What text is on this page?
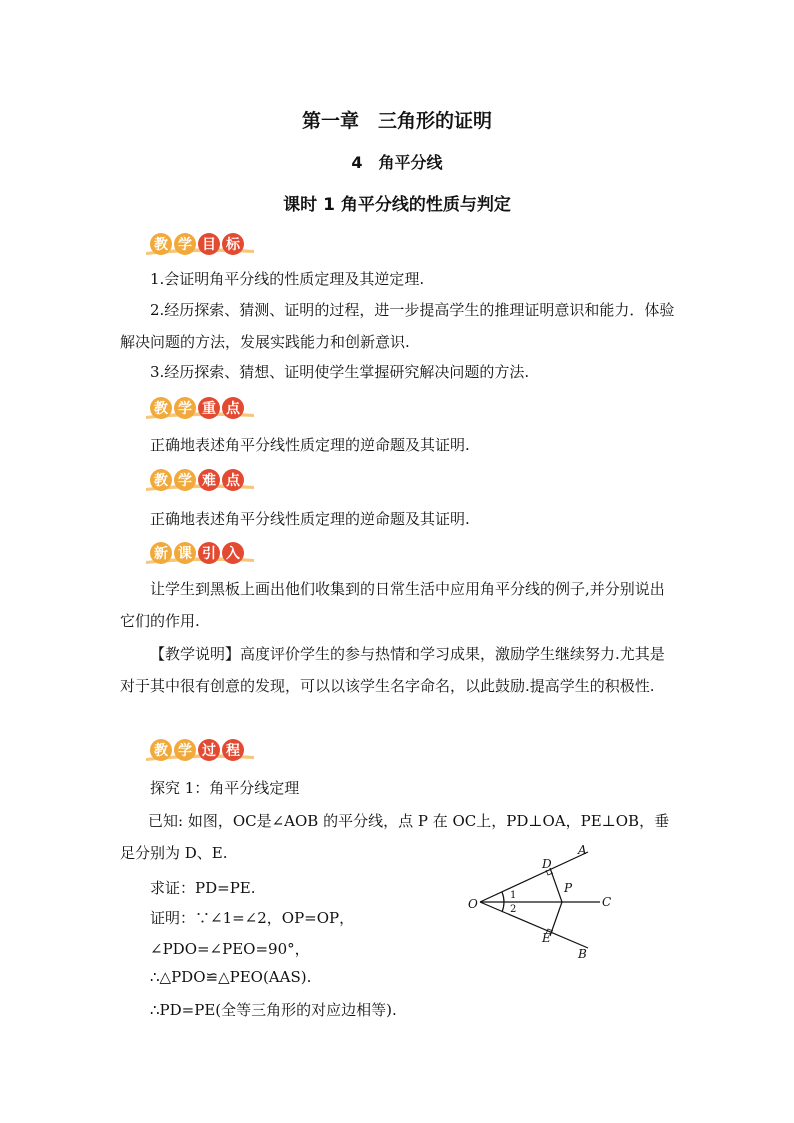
第一章　三角形的证明
4　角平分线
课时 1 角平分线的性质与判定
教 学 目 标
1.会证明角平分线的性质定理及其逆定理.
2.经历探索、猜测、证明的过程，进一步提高学生的推理证明意识和能力．体验解决问题的方法，发展实践能力和创新意识.
3.经历探索、猜想、证明使学生掌握研究解决问题的方法.
教 学 重 点
正确地表述角平分线性质定理的逆命题及其证明.
教 学 难 点
正确地表述角平分线性质定理的逆命题及其证明.
新 课 引 入
让学生到黑板上画出他们收集到的日常生活中应用角平分线的例子,并分别说出它们的作用.
【教学说明】高度评价学生的参与热情和学习成果，激励学生继续努力.尤其是对于其中很有创意的发现，可以以该学生名字命名，以此鼓励.提高学生的积极性.
教 学 过 程
探究 1：角平分线定理
已知: 如图，OC是∠AOB 的平分线，点 P 在 OC上，PD⊥OA，PE⊥OB，垂足分别为 D、E.
求证：PD=PE.
证明：∵∠1=∠2，OP=OP，
∠PDO=∠PEO=90°，
∴△PDO≌△PEO(AAS).
∴PD=PE(全等三角形的对应边相等).
A
B
C
O
P
D
E
1
2
